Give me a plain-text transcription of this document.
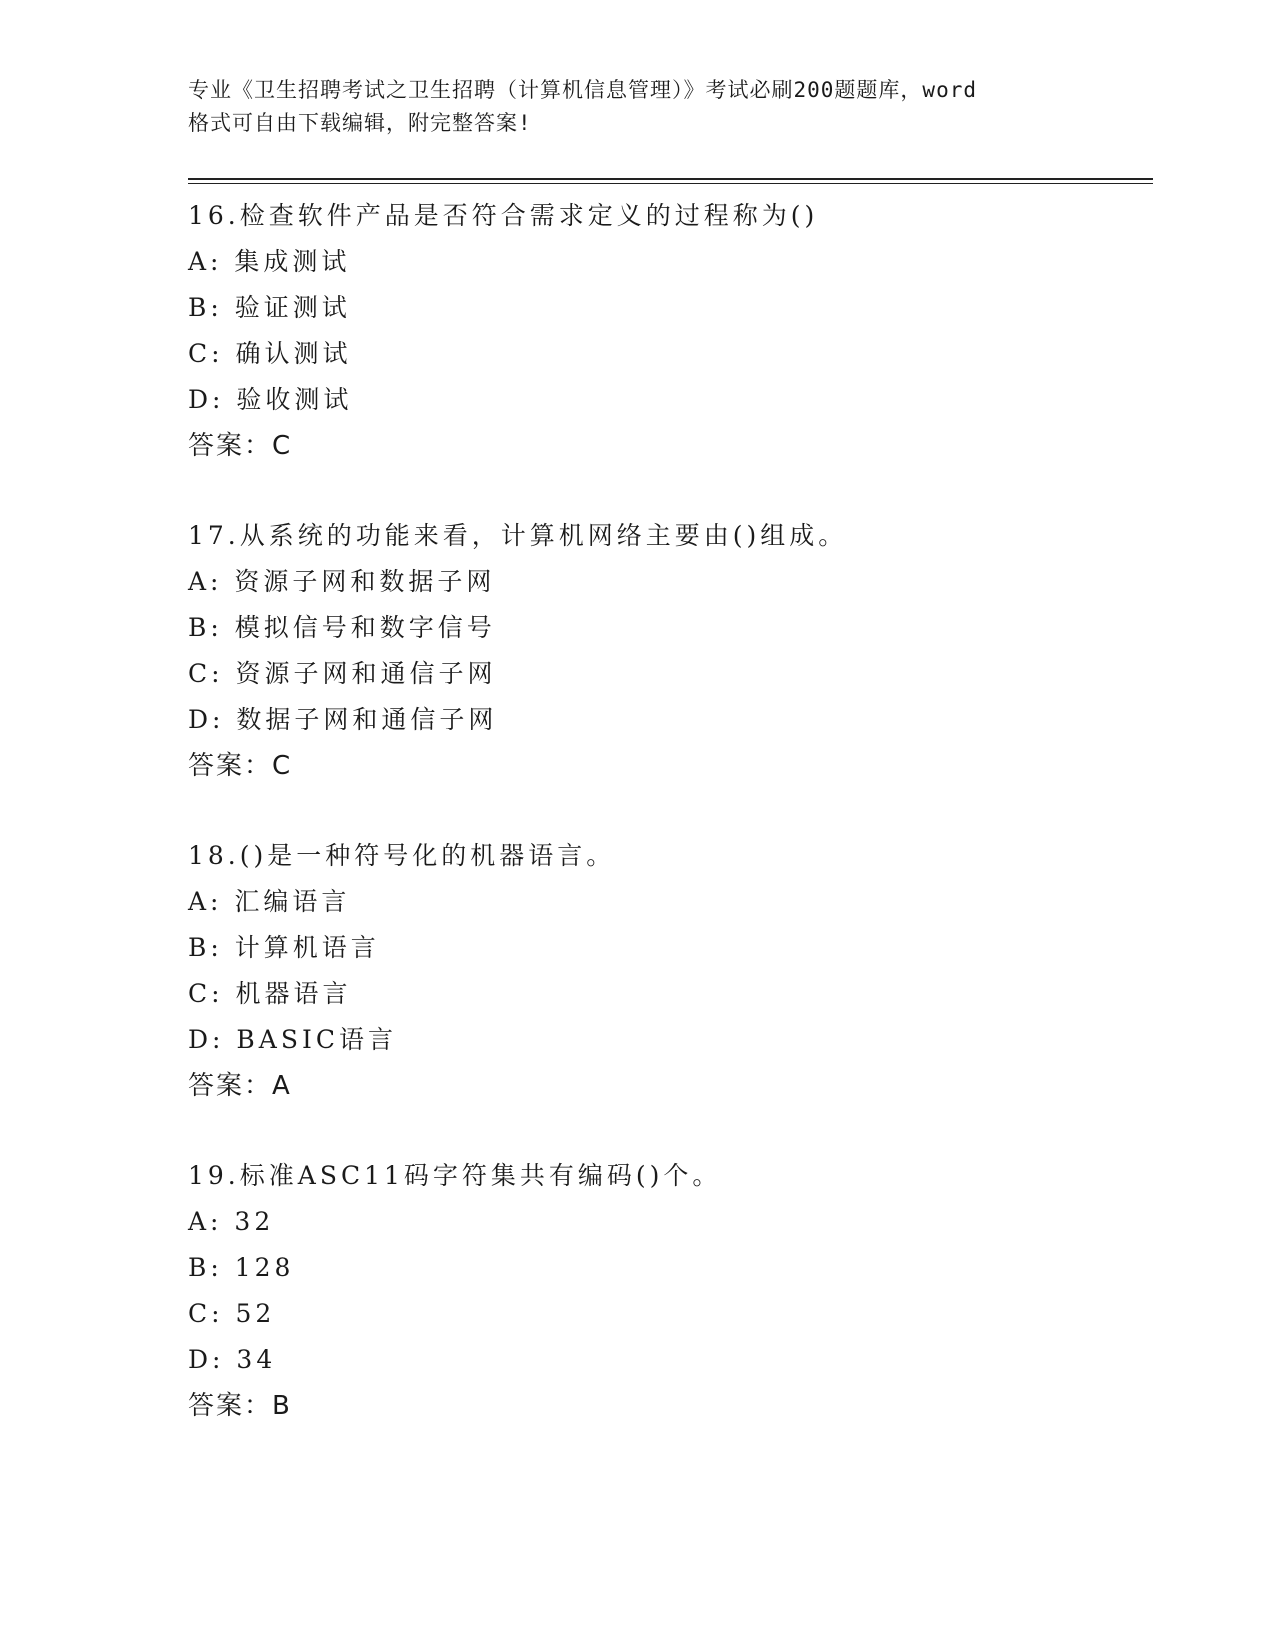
专业《卫生招聘考试之卫生招聘（计算机信息管理）》考试必刷200题题库，word
格式可自由下载编辑，附完整答案!
16.检查软件产品是否符合需求定义的过程称为()
A: 集成测试
B: 验证测试
C: 确认测试
D: 验收测试
答案：C
17.从系统的功能来看，计算机网络主要由()组成。
A: 资源子网和数据子网
B: 模拟信号和数字信号
C: 资源子网和通信子网
D: 数据子网和通信子网
答案：C
18.()是一种符号化的机器语言。
A: 汇编语言
B: 计算机语言
C: 机器语言
D: BASIC语言
答案：A
19.标准ASC11码字符集共有编码()个。
A: 32
B: 128
C: 52
D: 34
答案：B
